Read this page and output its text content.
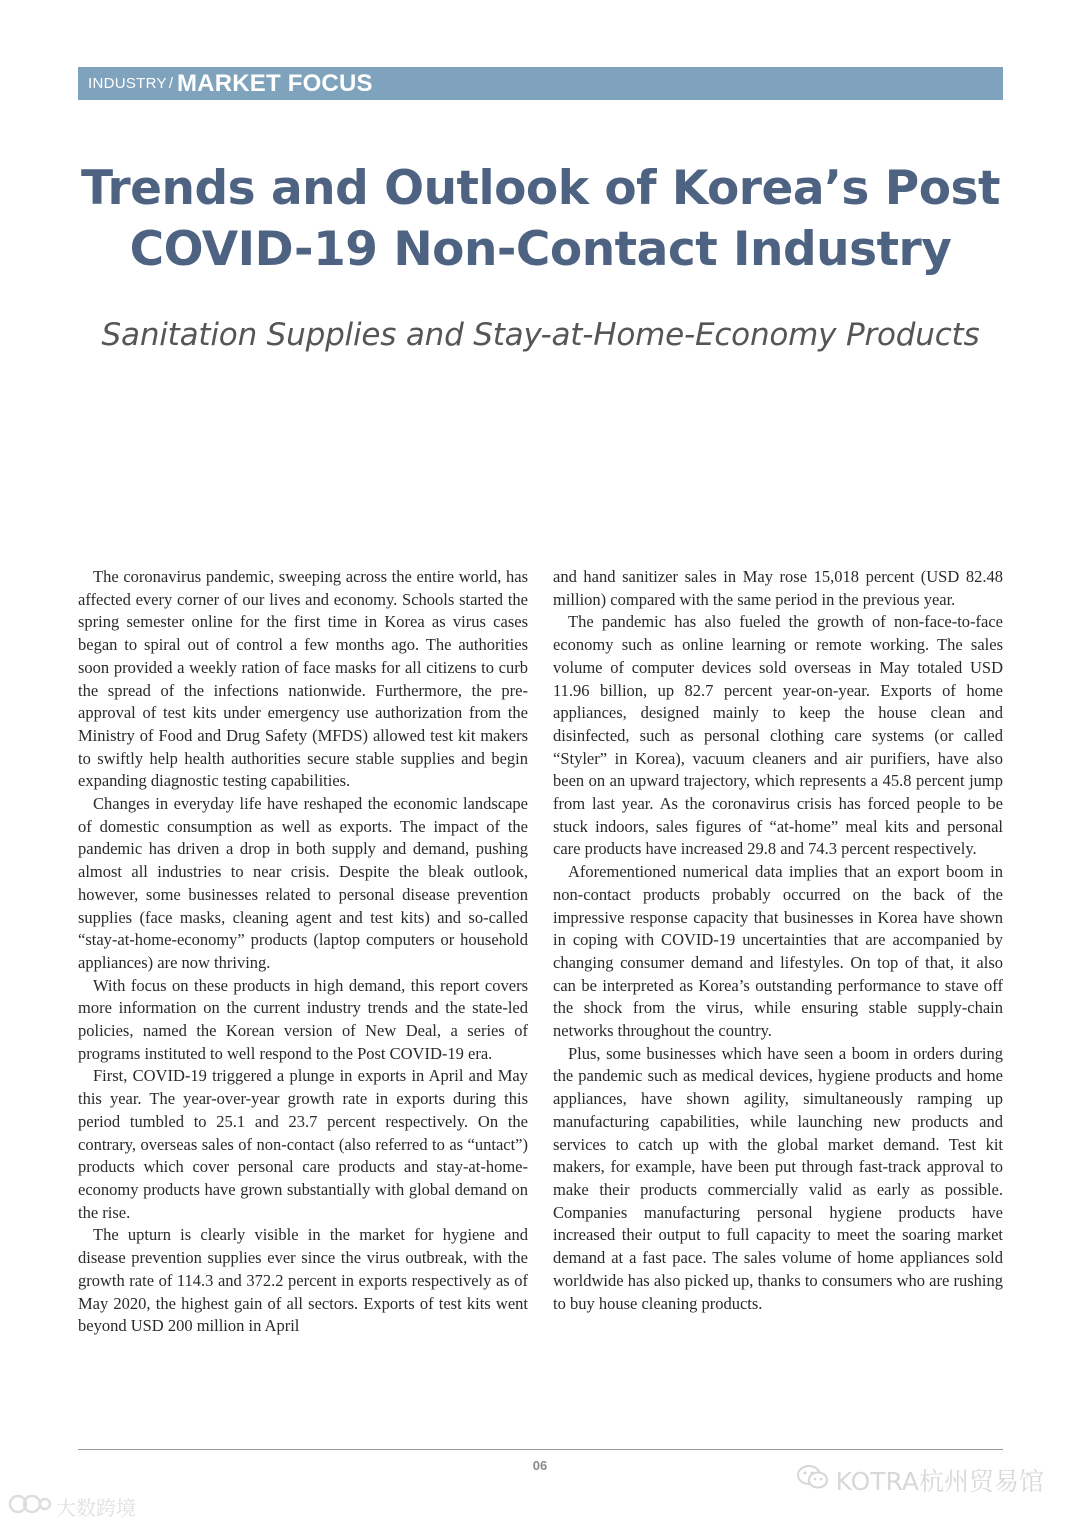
INDUSTRY / MARKET FOCUS
Trends and Outlook of Korea’s Post
COVID-19 Non-Contact Industry
Sanitation Supplies and Stay-at-Home-Economy Products

The coronavirus pandemic, sweeping across the entire world, has affected every corner of our lives and economy. Schools started the spring semester online for the first time in Korea as virus cases began to spiral out of control a few months ago. The authorities soon provided a weekly ration of face masks for all citizens to curb the spread of the infections nationwide. Furthermore, the pre-approval of test kits under emergency use authorization from the Ministry of Food and Drug Safety (MFDS) allowed test kit makers to swiftly help health authorities secure stable supplies and begin expanding diagnostic testing capabilities.

Changes in everyday life have reshaped the economic landscape of domestic consumption as well as exports. The impact of the pandemic has driven a drop in both supply and demand, pushing almost all industries to near crisis. Despite the bleak outlook, however, some businesses related to personal disease prevention supplies (face masks, cleaning agent and test kits) and so-called “stay-at-home-economy” products (laptop computers or household appliances) are now thriving.

With focus on these products in high demand, this report covers more information on the current industry trends and the state-led policies, named the Korean version of New Deal, a series of programs instituted to well respond to the Post COVID-19 era.

First, COVID-19 triggered a plunge in exports in April and May this year. The year-over-year growth rate in exports during this period tumbled to 25.1 and 23.7 percent respectively. On the contrary, overseas sales of non-contact (also referred to as “untact”) products which cover personal care products and stay-at-home-economy products have grown substantially with global demand on the rise.

The upturn is clearly visible in the market for hygiene and disease prevention supplies ever since the virus outbreak, with the growth rate of 114.3 and 372.2 percent in exports respectively as of May 2020, the highest gain of all sectors. Exports of test kits went beyond USD 200 million in April

and hand sanitizer sales in May rose 15,018 percent (USD 82.48 million) compared with the same period in the previous year.

The pandemic has also fueled the growth of non-face-to-face economy such as online learning or remote working. The sales volume of computer devices sold overseas in May totaled USD 11.96 billion, up 82.7 percent year-on-year. Exports of home appliances, designed mainly to keep the house clean and disinfected, such as personal clothing care systems (or called “Styler” in Korea), vacuum cleaners and air purifiers, have also been on an upward trajectory, which represents a 45.8 percent jump from last year. As the coronavirus crisis has forced people to be stuck indoors, sales figures of “at-home” meal kits and personal care products have increased 29.8 and 74.3 percent respectively.

Aforementioned numerical data implies that an export boom in non-contact products probably occurred on the back of the impressive response capacity that businesses in Korea have shown in coping with COVID-19 uncertainties that are accompanied by changing consumer demand and lifestyles. On top of that, it also can be interpreted as Korea’s outstanding performance to stave off the shock from the virus, while ensuring stable supply-chain networks throughout the country.

Plus, some businesses which have seen a boom in orders during the pandemic such as medical devices, hygiene products and home appliances, have shown agility, simultaneously ramping up manufacturing capabilities, while launching new products and services to catch up with the global market demand. Test kit makers, for example, have been put through fast-track approval to make their products commercially valid as early as possible. Companies manufacturing personal hygiene products have increased their output to full capacity to meet the soaring market demand at a fast pace. The sales volume of home appliances sold worldwide has also picked up, thanks to consumers who are rushing to buy house cleaning products.

06
KOTRA杭州贸易馆
大数跨境
